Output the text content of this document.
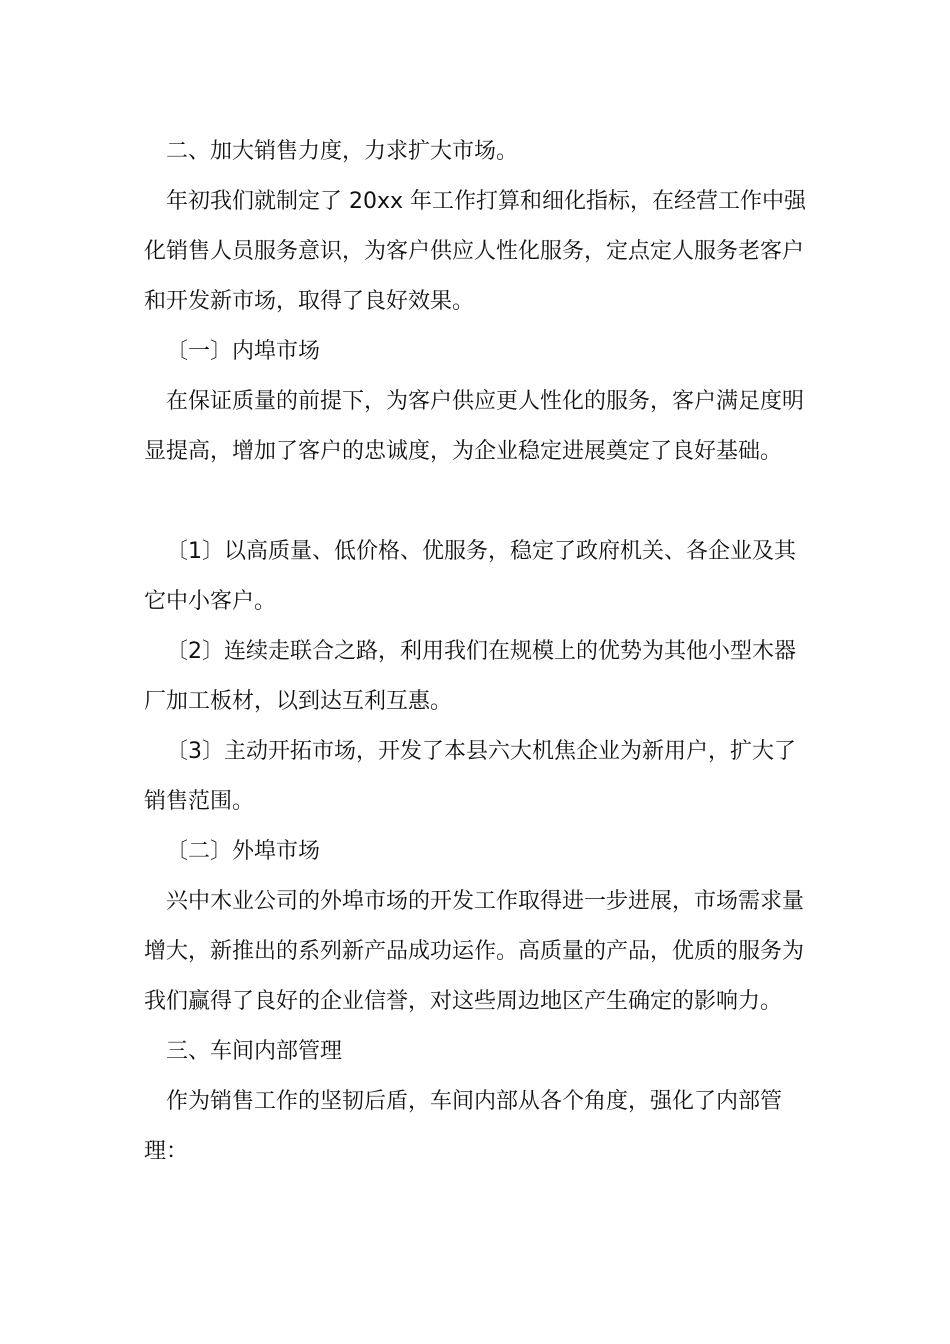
二、加大销售力度，力求扩大市场。

年初我们就制定了 20xx 年工作打算和细化指标，在经营工作中强化销售人员服务意识，为客户供应人性化服务，定点定人服务老客户和开发新市场，取得了良好效果。

〔一〕内埠市场

在保证质量的前提下，为客户供应更人性化的服务，客户满足度明显提高，增加了客户的忠诚度，为企业稳定进展奠定了良好基础。

〔1〕以高质量、低价格、优服务，稳定了政府机关、各企业及其它中小客户。

〔2〕连续走联合之路，利用我们在规模上的优势为其他小型木器厂加工板材，以到达互利互惠。

〔3〕主动开拓市场，开发了本县六大机焦企业为新用户，扩大了销售范围。

〔二〕外埠市场

兴中木业公司的外埠市场的开发工作取得进一步进展，市场需求量增大，新推出的系列新产品成功运作。高质量的产品，优质的服务为我们赢得了良好的企业信誉，对这些周边地区产生确定的影响力。

三、车间内部管理

作为销售工作的坚韧后盾，车间内部从各个角度，强化了内部管理：
